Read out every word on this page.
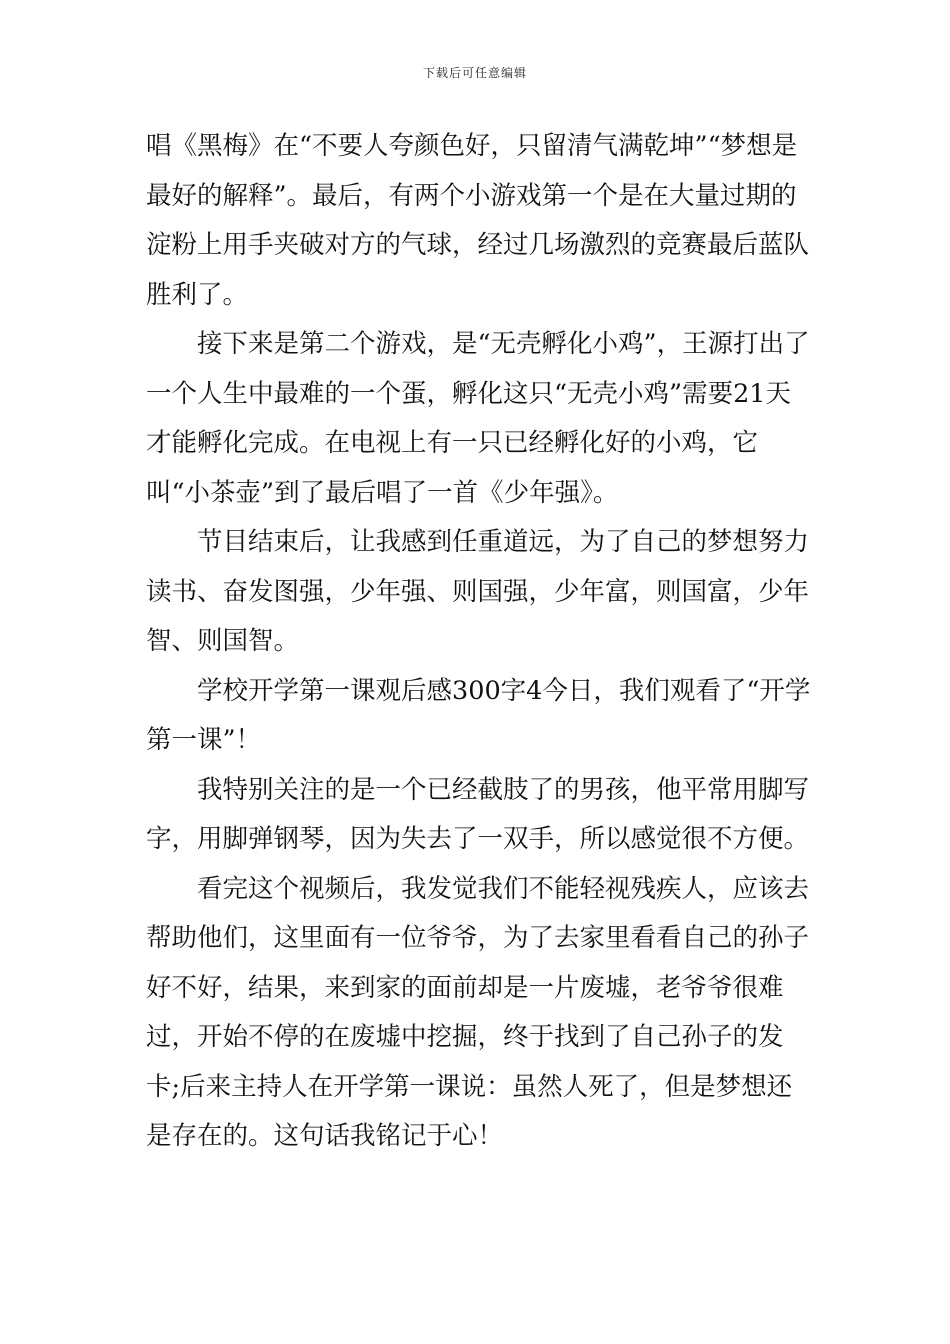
下载后可任意编辑

唱《黑梅》在“不要人夸颜色好，只留清气满乾坤”“梦想是最好的解释”。最后，有两个小游戏第一个是在大量过期的淀粉上用手夹破对方的气球，经过几场激烈的竞赛最后蓝队胜利了。

接下来是第二个游戏，是“无壳孵化小鸡”，王源打出了一个人生中最难的一个蛋，孵化这只“无壳小鸡”需要21天才能孵化完成。在电视上有一只已经孵化好的小鸡，它叫“小茶壶”到了最后唱了一首《少年强》。

节目结束后，让我感到任重道远，为了自己的梦想努力读书、奋发图强，少年强、则国强，少年富，则国富，少年智、则国智。

学校开学第一课观后感300字4今日，我们观看了“开学第一课”！

我特别关注的是一个已经截肢了的男孩，他平常用脚写字，用脚弹钢琴，因为失去了一双手，所以感觉很不方便。

看完这个视频后，我发觉我们不能轻视残疾人，应该去帮助他们，这里面有一位爷爷，为了去家里看看自己的孙子好不好，结果，来到家的面前却是一片废墟，老爷爷很难过，开始不停的在废墟中挖掘，终于找到了自己孙子的发卡;后来主持人在开学第一课说：虽然人死了，但是梦想还是存在的。这句话我铭记于心！
